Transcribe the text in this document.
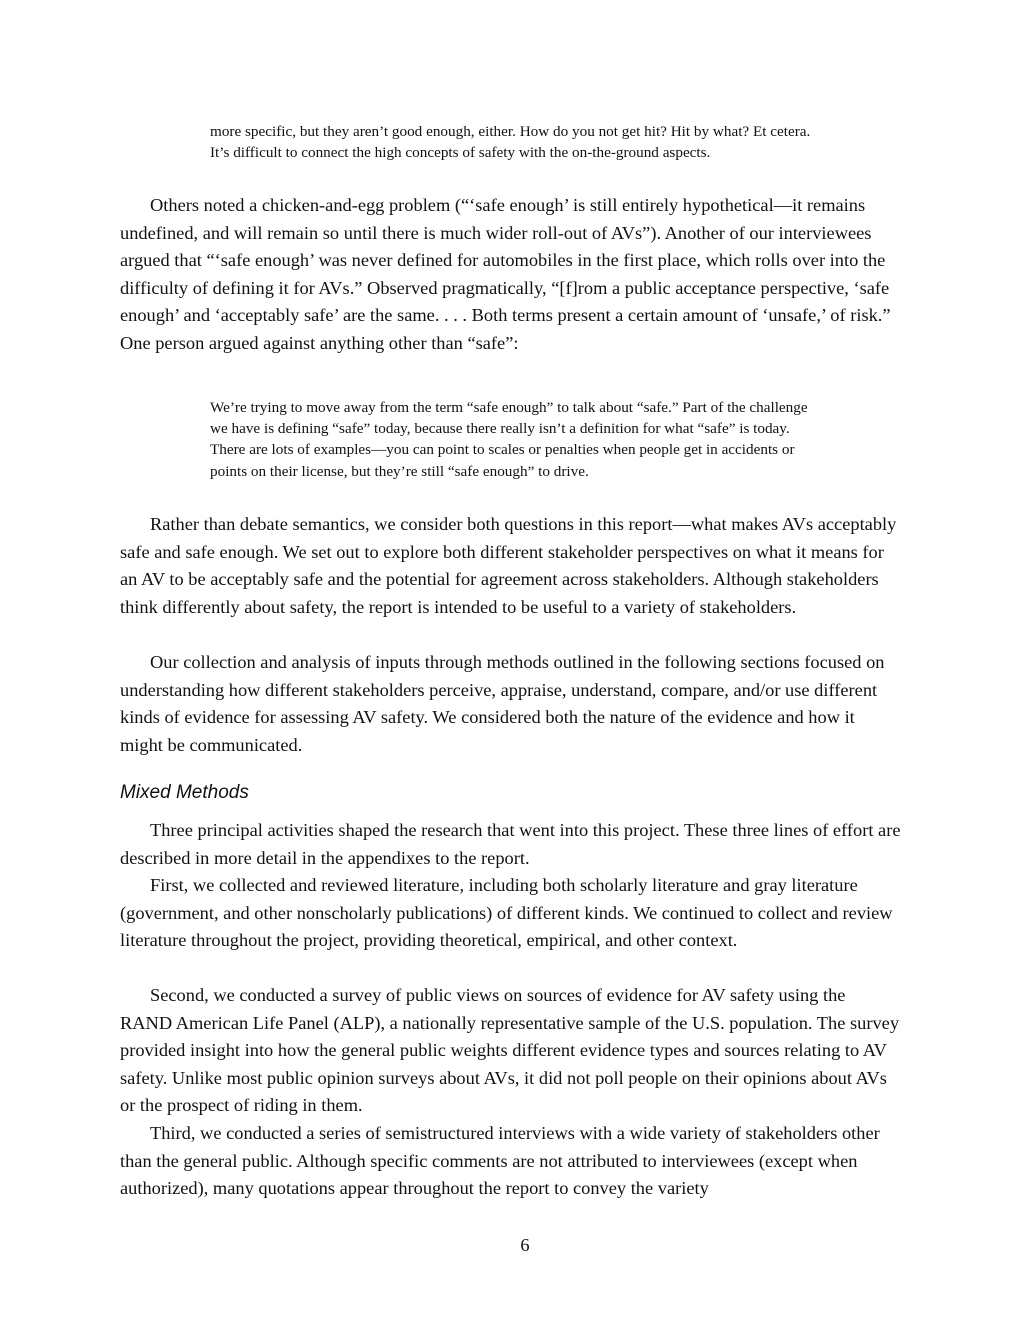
more specific, but they aren’t good enough, either. How do you not get hit? Hit by what? Et cetera. It’s difficult to connect the high concepts of safety with the on-the-ground aspects.

Others noted a chicken-and-egg problem (“‘safe enough’ is still entirely hypothetical—it remains undefined, and will remain so until there is much wider roll-out of AVs”). Another of our interviewees argued that “‘safe enough’ was never defined for automobiles in the first place, which rolls over into the difficulty of defining it for AVs.” Observed pragmatically, “[f]rom a public acceptance perspective, ‘safe enough’ and ‘acceptably safe’ are the same. . . . Both terms present a certain amount of ‘unsafe,’ of risk.” One person argued against anything other than “safe”:

We’re trying to move away from the term “safe enough” to talk about “safe.” Part of the challenge we have is defining “safe” today, because there really isn’t a definition for what “safe” is today. There are lots of examples—you can point to scales or penalties when people get in accidents or points on their license, but they’re still “safe enough” to drive.

Rather than debate semantics, we consider both questions in this report—what makes AVs acceptably safe and safe enough. We set out to explore both different stakeholder perspectives on what it means for an AV to be acceptably safe and the potential for agreement across stakeholders. Although stakeholders think differently about safety, the report is intended to be useful to a variety of stakeholders.

Our collection and analysis of inputs through methods outlined in the following sections focused on understanding how different stakeholders perceive, appraise, understand, compare, and/or use different kinds of evidence for assessing AV safety. We considered both the nature of the evidence and how it might be communicated.

Mixed Methods

Three principal activities shaped the research that went into this project. These three lines of effort are described in more detail in the appendixes to the report.

First, we collected and reviewed literature, including both scholarly literature and gray literature (government, and other nonscholarly publications) of different kinds. We continued to collect and review literature throughout the project, providing theoretical, empirical, and other context.

Second, we conducted a survey of public views on sources of evidence for AV safety using the RAND American Life Panel (ALP), a nationally representative sample of the U.S. population. The survey provided insight into how the general public weights different evidence types and sources relating to AV safety. Unlike most public opinion surveys about AVs, it did not poll people on their opinions about AVs or the prospect of riding in them.

Third, we conducted a series of semistructured interviews with a wide variety of stakeholders other than the general public. Although specific comments are not attributed to interviewees (except when authorized), many quotations appear throughout the report to convey the variety

6
